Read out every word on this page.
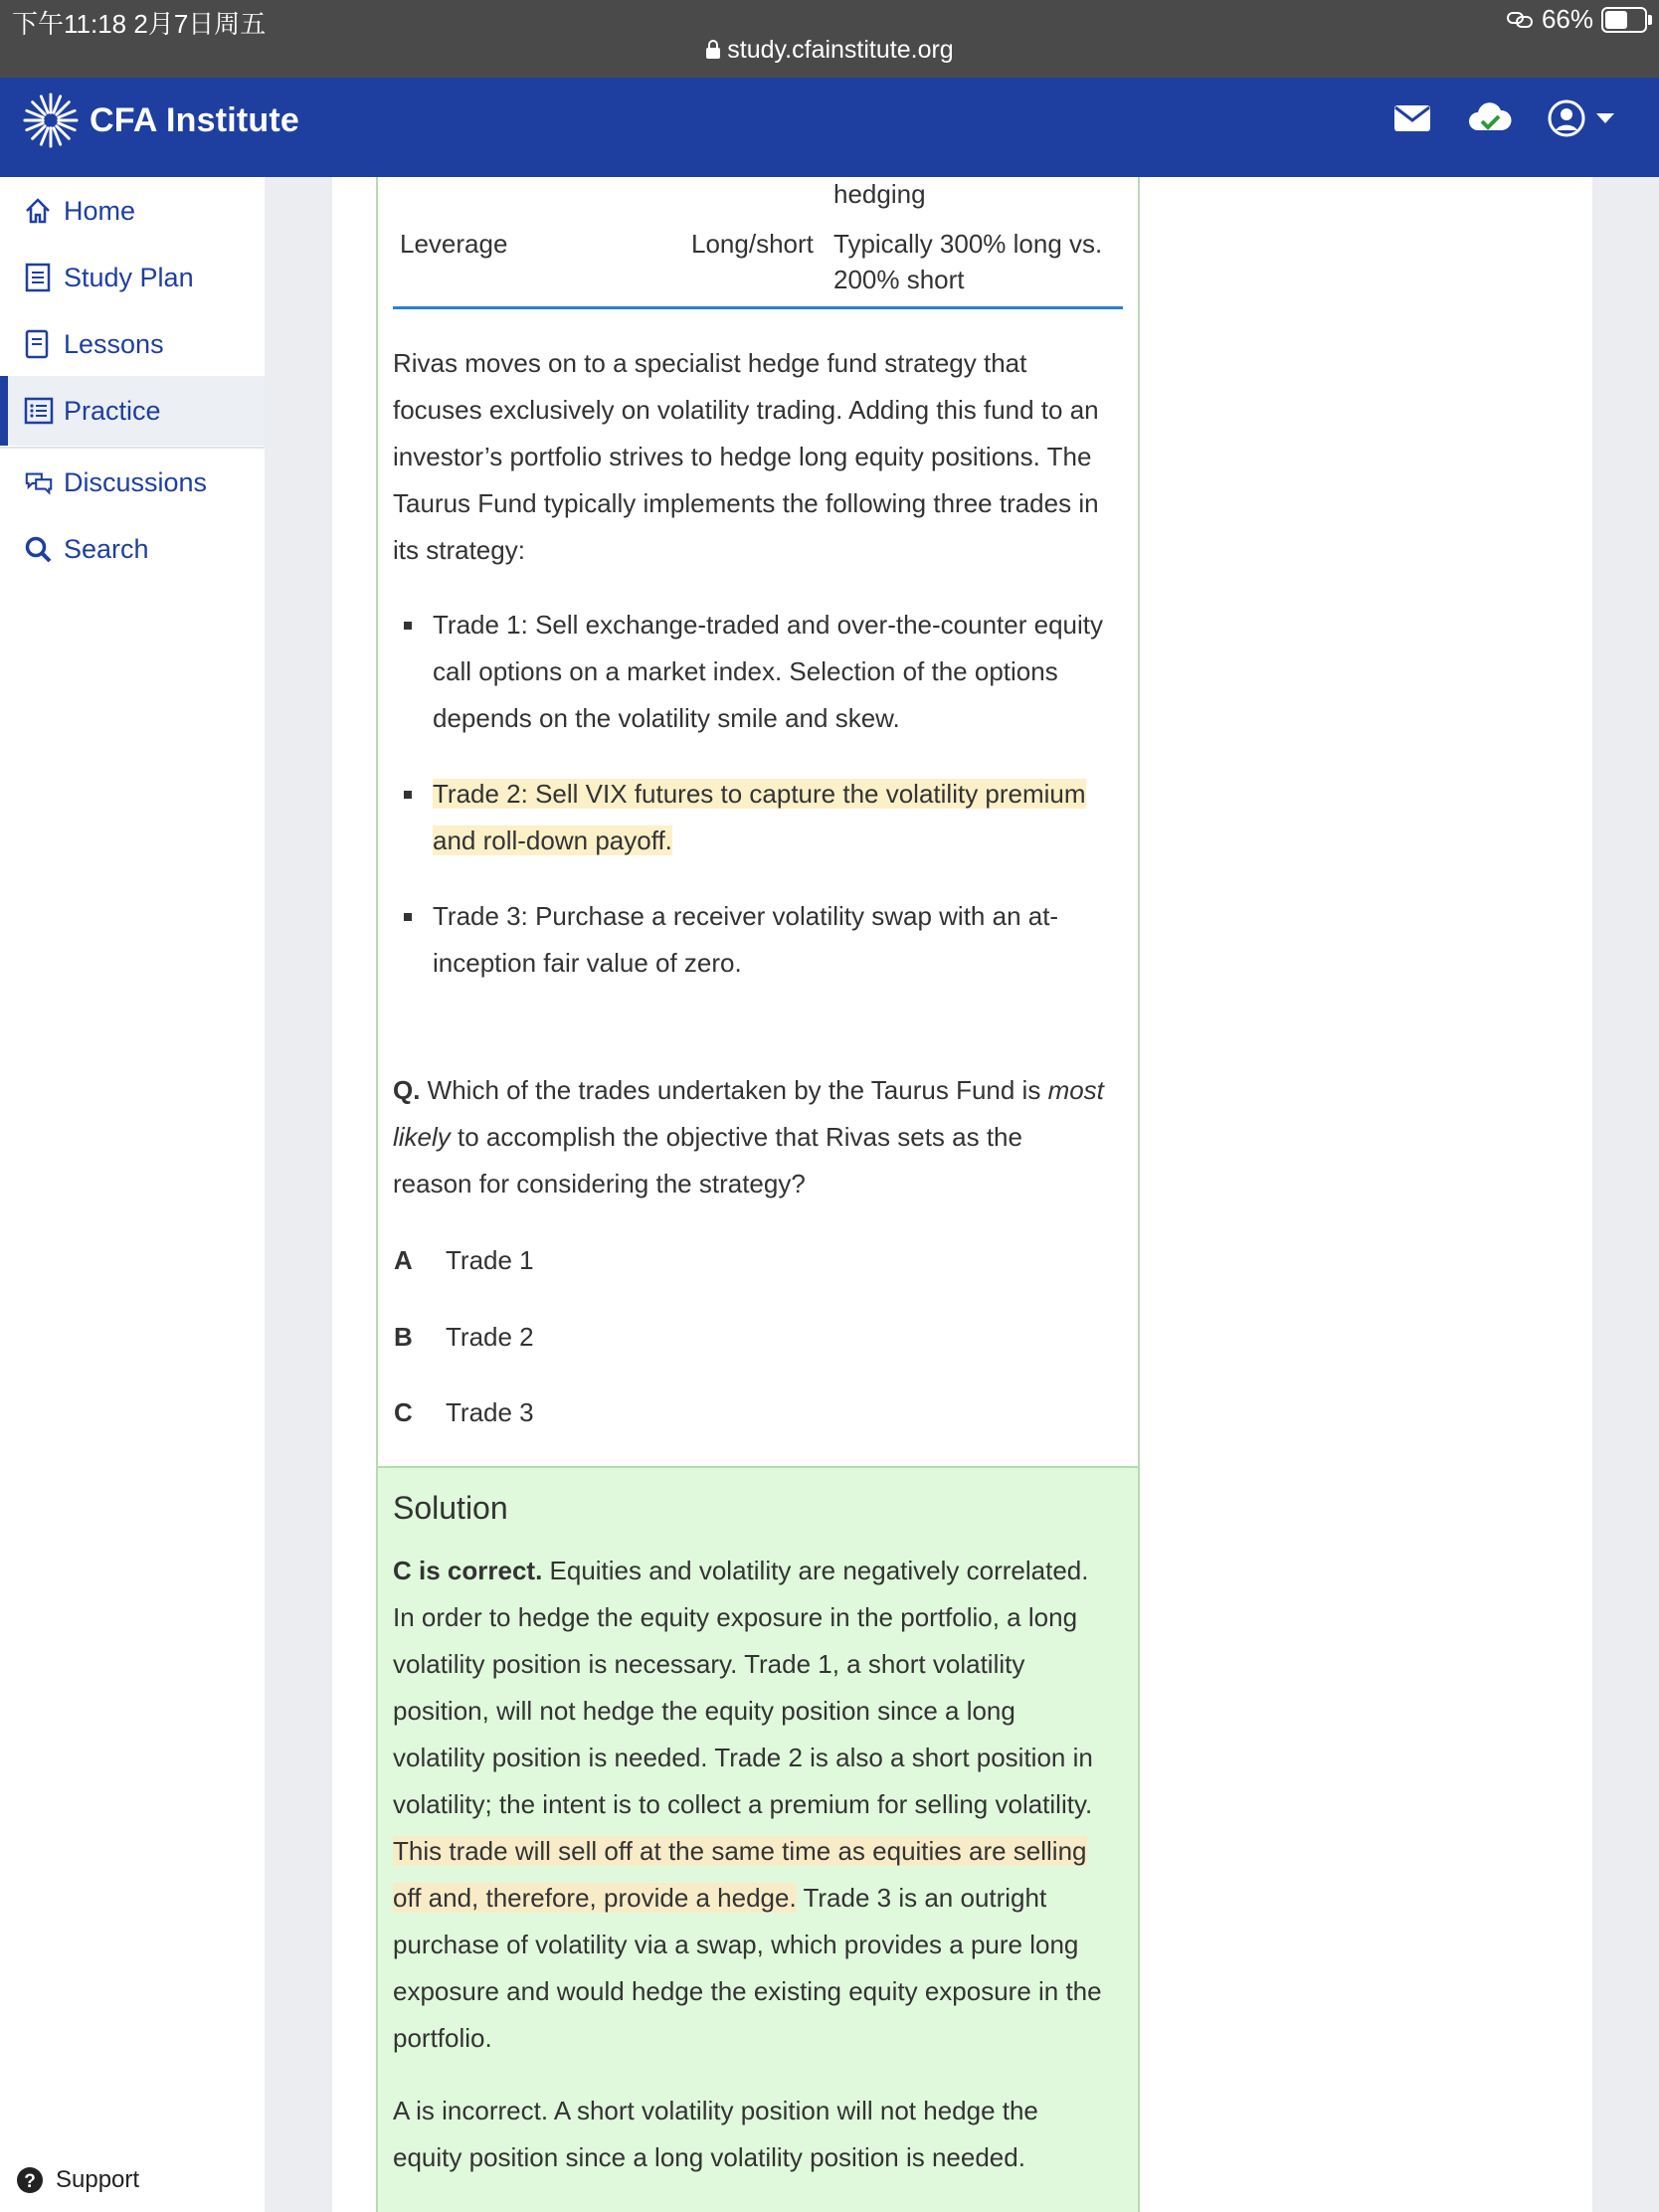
下午11:18 2月7日周五	66%
study.cfainstitute.org
CFA Institute
Home
Study Plan
Lessons
Practice
Discussions
Search
? Support
hedging
Leverage	Long/short Typically 300% long vs.
200% short
Rivas moves on to a specialist hedge fund strategy that
focuses exclusively on volatility trading. Adding this fund to an
investor’s portfolio strives to hedge long equity positions. The
Taurus Fund typically implements the following three trades in
its strategy:
Trade 1: Sell exchange-traded and over-the-counter equity
call options on a market index. Selection of the options
depends on the volatility smile and skew.
Trade 2: Sell VIX futures to capture the volatility premium
and roll-down payoff.
Trade 3: Purchase a receiver volatility swap with an at-
inception fair value of zero.
Q. Which of the trades undertaken by the Taurus Fund is most
likely to accomplish the objective that Rivas sets as the
reason for considering the strategy?
A Trade 1
B Trade 2
C Trade 3
Solution
C is correct. Equities and volatility are negatively correlated.
In order to hedge the equity exposure in the portfolio, a long
volatility position is necessary. Trade 1, a short volatility
position, will not hedge the equity position since a long
volatility position is needed. Trade 2 is also a short position in
volatility; the intent is to collect a premium for selling volatility.
This trade will sell off at the same time as equities are selling
off and, therefore, provide a hedge. Trade 3 is an outright
purchase of volatility via a swap, which provides a pure long
exposure and would hedge the existing equity exposure in the
portfolio.
A is incorrect. A short volatility position will not hedge the
equity position since a long volatility position is needed.
